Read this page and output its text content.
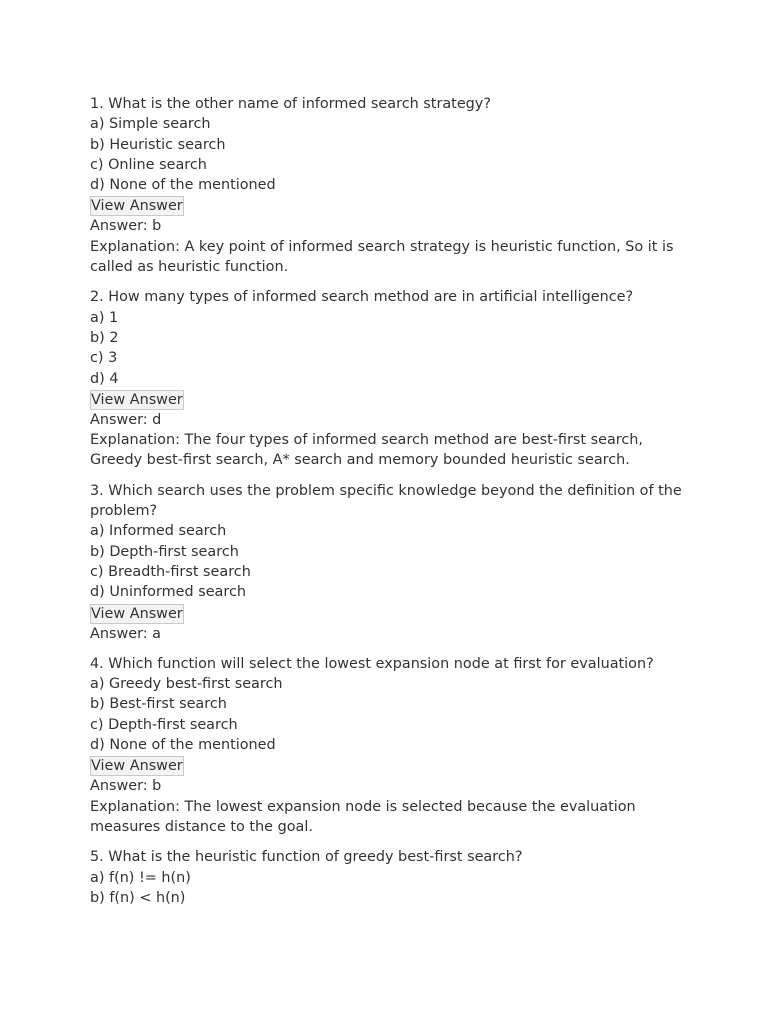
1. What is the other name of informed search strategy?
a) Simple search
b) Heuristic search
c) Online search
d) None of the mentioned
View Answer
Answer: b
Explanation: A key point of informed search strategy is heuristic function, So it is called as heuristic function.
2. How many types of informed search method are in artificial intelligence?
a) 1
b) 2
c) 3
d) 4
View Answer
Answer: d
Explanation: The four types of informed search method are best-first search, Greedy best-first search, A* search and memory bounded heuristic search.
3. Which search uses the problem specific knowledge beyond the definition of the problem?
a) Informed search
b) Depth-first search
c) Breadth-first search
d) Uninformed search
View Answer
Answer: a
4. Which function will select the lowest expansion node at first for evaluation?
a) Greedy best-first search
b) Best-first search
c) Depth-first search
d) None of the mentioned
View Answer
Answer: b
Explanation: The lowest expansion node is selected because the evaluation measures distance to the goal.
5. What is the heuristic function of greedy best-first search?
a) f(n) != h(n)
b) f(n) < h(n)
